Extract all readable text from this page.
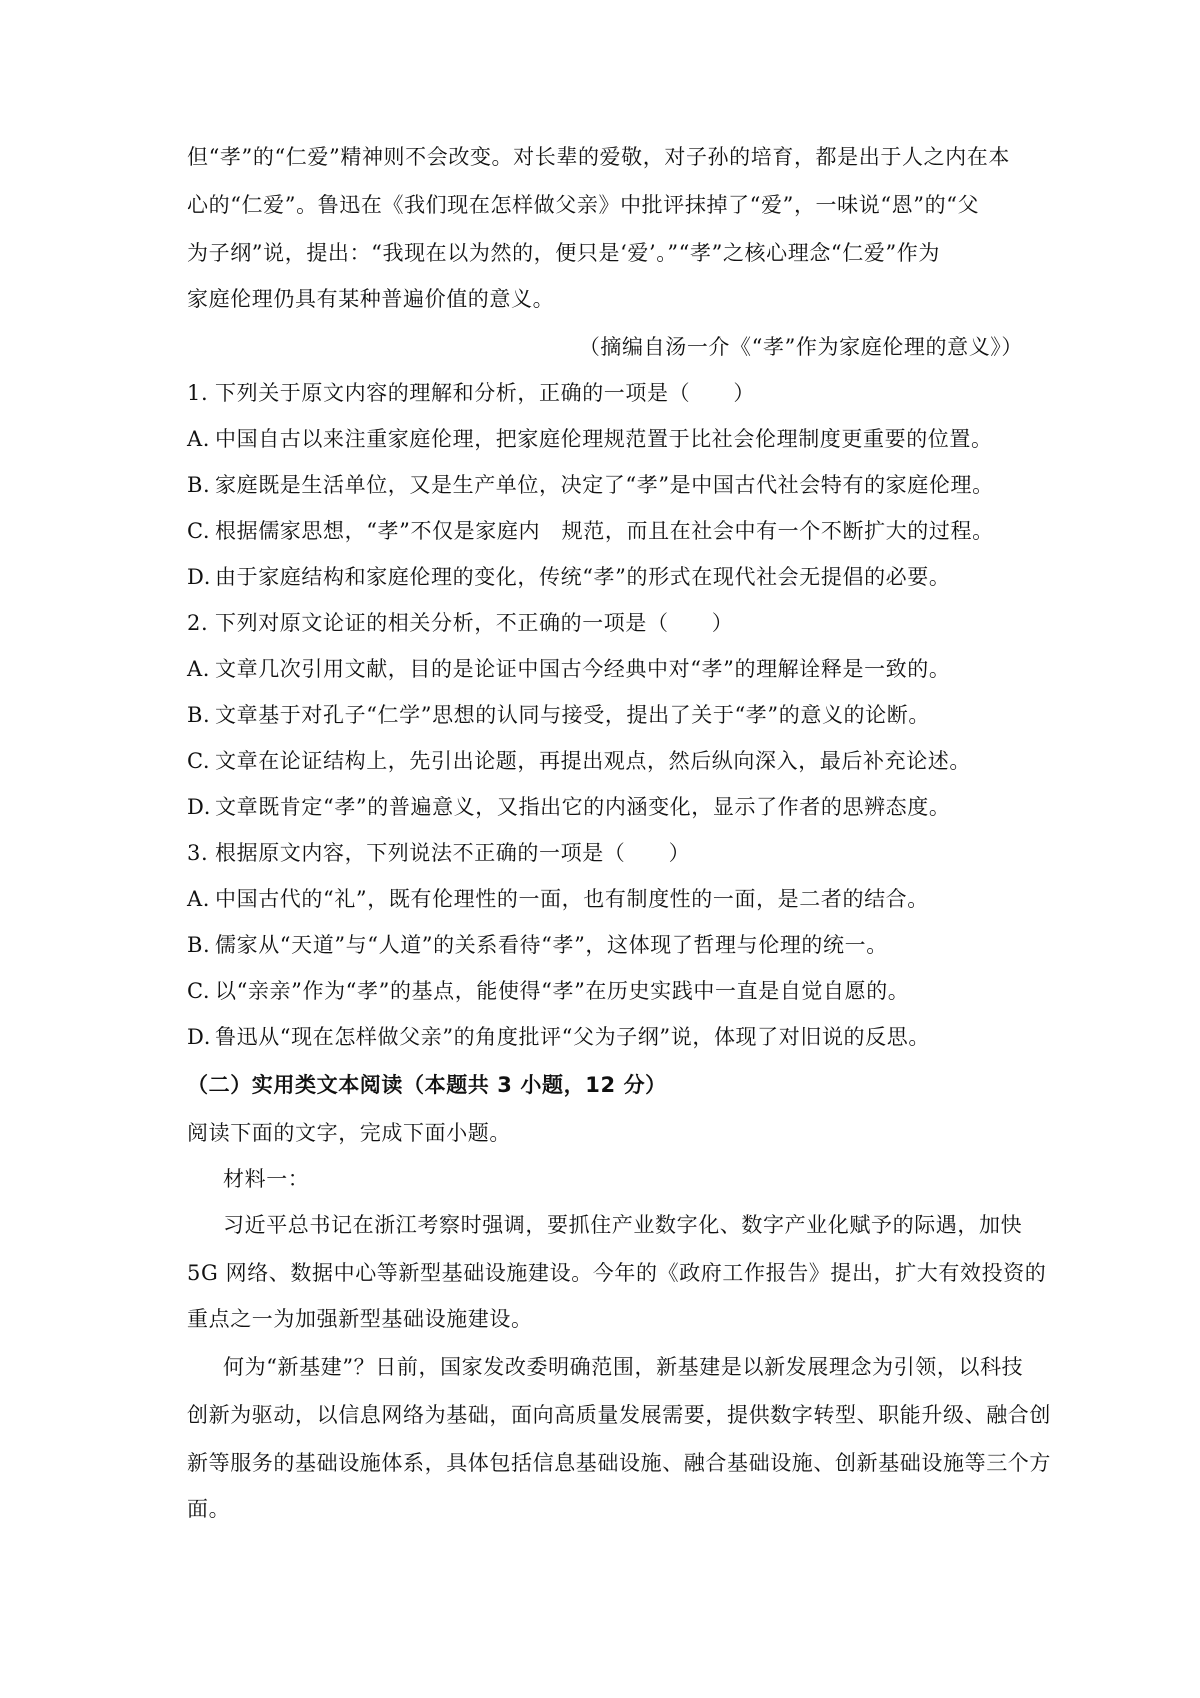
但“孝”的“仁爱”精神则不会改变。对长辈的爱敬，对子孙的培育，都是出于人之内在本
心的“仁爱”。鲁迅在《我们现在怎样做父亲》中批评抹掉了“爱”，一味说“恩”的“父
为子纲”说，提出：“我现在以为然的，便只是‘爱’。”“孝”之核心理念“仁爱”作为
家庭伦理仍具有某种普遍价值的意义。
（摘编自汤一介《“孝”作为家庭伦理的意义》）
1. 下列关于原文内容的理解和分析，正确的一项是（　　）
A. 中国自古以来注重家庭伦理，把家庭伦理规范置于比社会伦理制度更重要的位置。
B. 家庭既是生活单位，又是生产单位，决定了“孝”是中国古代社会特有的家庭伦理。
C. 根据儒家思想，“孝”不仅是家庭内　规范，而且在社会中有一个不断扩大的过程。
D. 由于家庭结构和家庭伦理的变化，传统“孝”的形式在现代社会无提倡的必要。
2. 下列对原文论证的相关分析，不正确的一项是（　　）
A. 文章几次引用文献，目的是论证中国古今经典中对“孝”的理解诠释是一致的。
B. 文章基于对孔子“仁学”思想的认同与接受，提出了关于“孝”的意义的论断。
C. 文章在论证结构上，先引出论题，再提出观点，然后纵向深入，最后补充论述。
D. 文章既肯定“孝”的普遍意义，又指出它的内涵变化，显示了作者的思辨态度。
3. 根据原文内容，下列说法不正确的一项是（　　）
A. 中国古代的“礼”，既有伦理性的一面，也有制度性的一面，是二者的结合。
B. 儒家从“天道”与“人道”的关系看待“孝”，这体现了哲理与伦理的统一。
C. 以“亲亲”作为“孝”的基点，能使得“孝”在历史实践中一直是自觉自愿的。
D. 鲁迅从“现在怎样做父亲”的角度批评“父为子纲”说，体现了对旧说的反思。
（二）实用类文本阅读（本题共 3 小题，12 分）
阅读下面的文字，完成下面小题。
材料一：
习近平总书记在浙江考察时强调，要抓住产业数字化、数字产业化赋予的际遇，加快
5G 网络、数据中心等新型基础设施建设。今年的《政府工作报告》提出，扩大有效投资的
重点之一为加强新型基础设施建设。
何为“新基建”？日前，国家发改委明确范围，新基建是以新发展理念为引领，以科技
创新为驱动，以信息网络为基础，面向高质量发展需要，提供数字转型、职能升级、融合创
新等服务的基础设施体系，具体包括信息基础设施、融合基础设施、创新基础设施等三个方
面。
